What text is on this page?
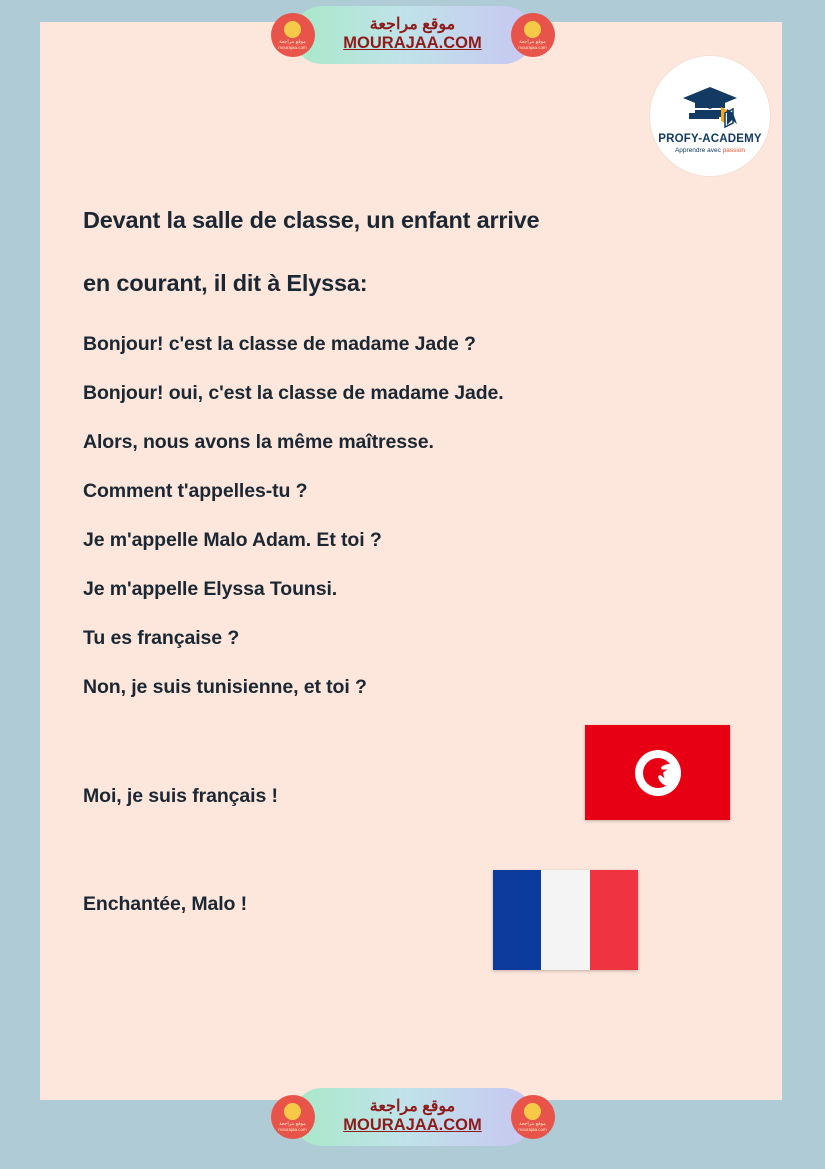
PROFY-ACADEMY
Apprendre avec passion
Devant la salle de classe, un enfant arrive
en courant, il dit à Elyssa:
Bonjour! c'est la classe de madame Jade ?
Bonjour! oui, c'est la classe de madame Jade.
Alors, nous avons la même maîtresse.
Comment t'appelles-tu ?
Je m'appelle Malo Adam. Et toi ?
Je m'appelle Elyssa Tounsi.
Tu es française ?
Non, je suis tunisienne, et toi ?
Moi, je suis français !
Enchantée, Malo !
★
موقع مراجعة
mourajaa.com
موقع مراجعة
MOURAJAA.COM	موقع مراجعة
mourajaa.com
موقع مراجعة
mourajaa.com
موقع مراجعة
MOURAJAA.COM	موقع مراجعة
mourajaa.com
